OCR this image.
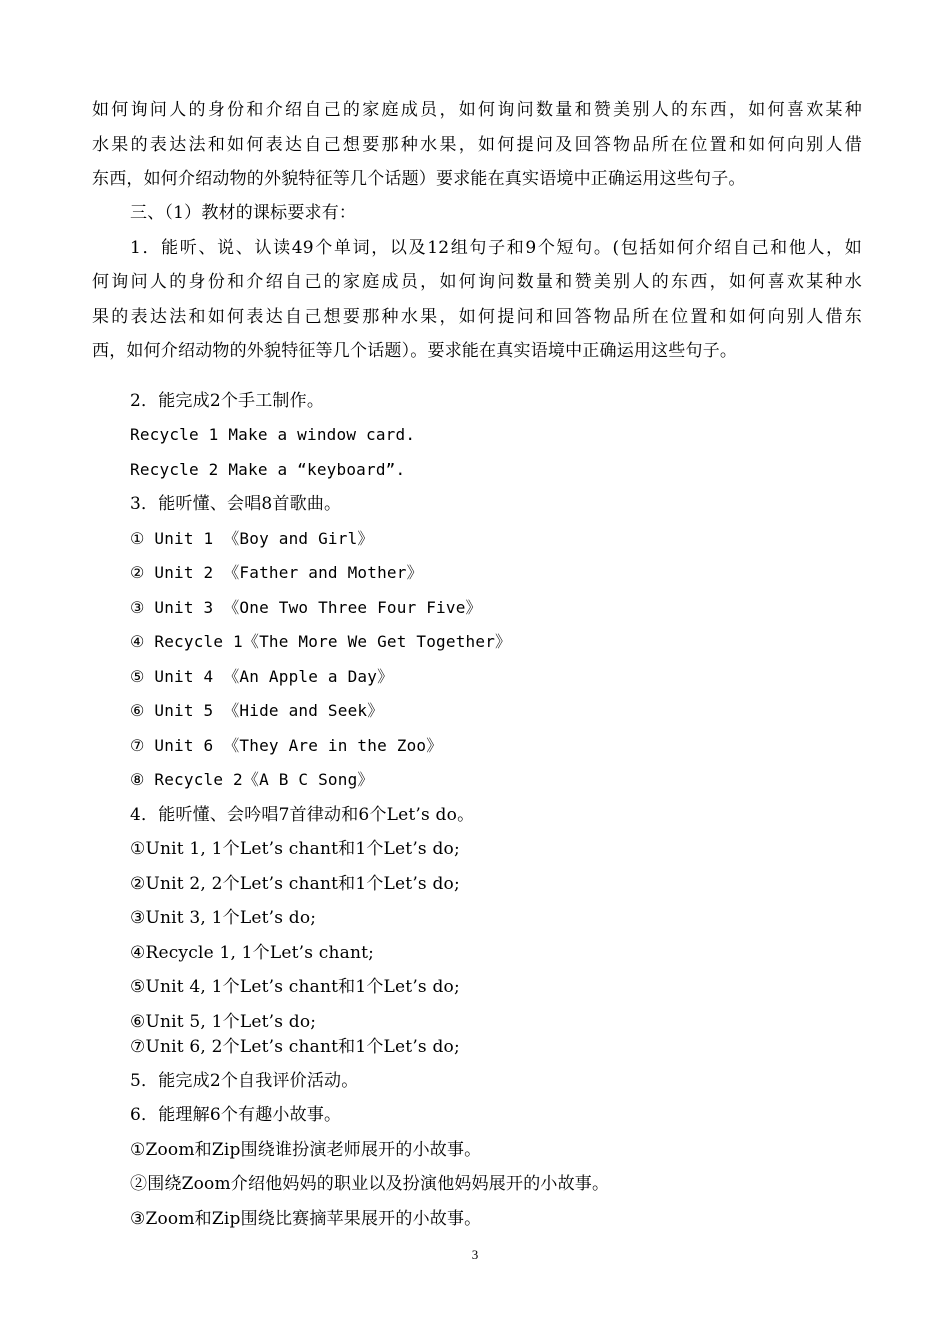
如何询问人的身份和介绍自己的家庭成员，如何询问数量和赞美别人的东西，如何喜欢某种
水果的表达法和如何表达自己想要那种水果，如何提问及回答物品所在位置和如何向别人借
东西，如何介绍动物的外貌特征等几个话题）要求能在真实语境中正确运用这些句子。
三、（1）教材的课标要求有：
1．能听、说、认读49个单词，以及12组句子和9个短句。(包括如何介绍自己和他人，如
何询问人的身份和介绍自己的家庭成员，如何询问数量和赞美别人的东西，如何喜欢某种水
果的表达法和如何表达自己想要那种水果，如何提问和回答物品所在位置和如何向别人借东
西，如何介绍动物的外貌特征等几个话题）。要求能在真实语境中正确运用这些句子。
2．能完成2个手工制作。
Recycle 1 Make a window card.
Recycle 2 Make a “keyboard”.
3．能听懂、会唱8首歌曲。
① Unit 1 《Boy and Girl》
② Unit 2 《Father and Mother》
③ Unit 3 《One Two Three Four Five》
④ Recycle 1《The More We Get Together》
⑤ Unit 4 《An Apple a Day》
⑥ Unit 5 《Hide and Seek》
⑦ Unit 6 《They Are in the Zoo》
⑧ Recycle 2《A B C Song》
4．能听懂、会吟唱7首律动和6个Let’s do。
①Unit 1, 1个Let’s chant和1个Let’s do;
②Unit 2, 2个Let’s chant和1个Let’s do;
③Unit 3, 1个Let’s do;
④Recycle 1, 1个Let’s chant;
⑤Unit 4, 1个Let’s chant和1个Let’s do;
⑥Unit 5, 1个Let’s do;
⑦Unit 6, 2个Let’s chant和1个Let’s do;
5．能完成2个自我评价活动。
6．能理解6个有趣小故事。
①Zoom和Zip围绕谁扮演老师展开的小故事。
②围绕Zoom介绍他妈妈的职业以及扮演他妈妈展开的小故事。
③Zoom和Zip围绕比赛摘苹果展开的小故事。
3
